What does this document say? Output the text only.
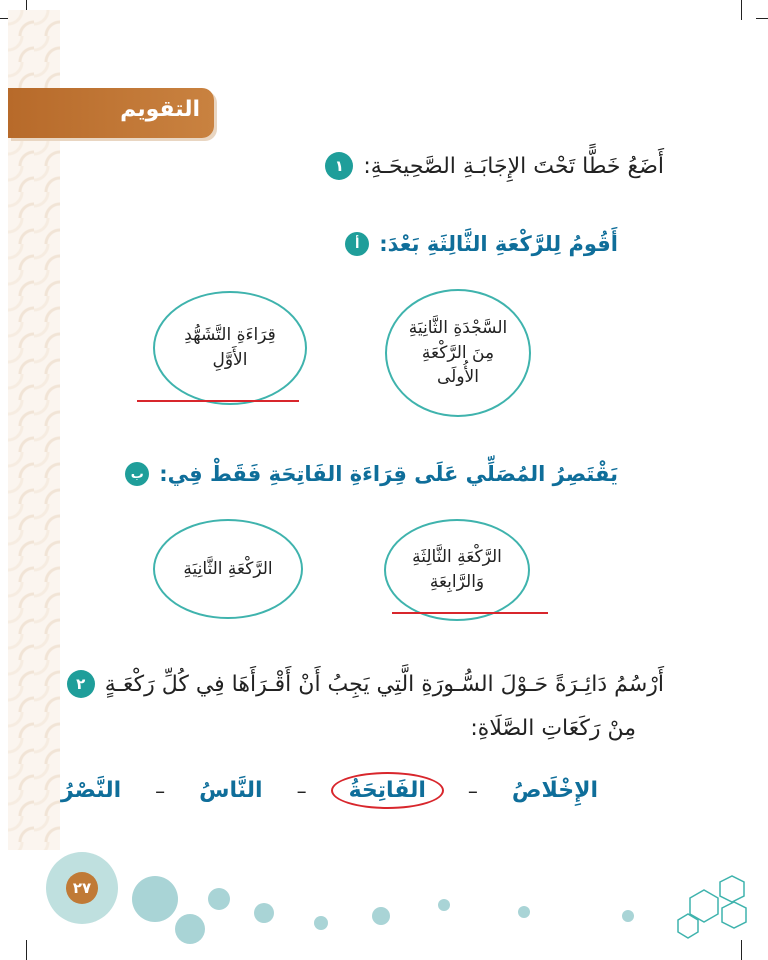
التقويم
١ أَضَعُ خَطًّا تَحْتَ الإِجَابَـةِ الصَّحِيحَـةِ:
أ أَقُومُ لِلرَّكْعَةِ الثَّالِثَةِ بَعْدَ:
السَّجْدَةِ الثَّانِيَةِ
مِنَ الرَّكْعَةِ
الأُولَى
قِرَاءَةِ التَّشَهُّدِ
الأَوَّلِ
ب يَقْتَصِرُ المُصَلِّي عَلَى قِرَاءَةِ الفَاتِحَةِ فَقَطْ فِي:
الرَّكْعَةِ الثَّالِثَةِ
وَالرَّابِعَةِ
الرَّكْعَةِ الثَّانِيَةِ
٢ أَرْسُمُ دَائِـرَةً حَـوْلَ السُّـورَةِ الَّتِي يَجِبُ أَنْ أَقْـرَأَهَا فِي كُلِّ رَكْعَـةٍ
مِنْ رَكَعَاتِ الصَّلَاةِ:
النَّصْرُ	–	النَّاسُ	–	الفَاتِحَةُ	–	الإِخْلَاصُ
٢٧
